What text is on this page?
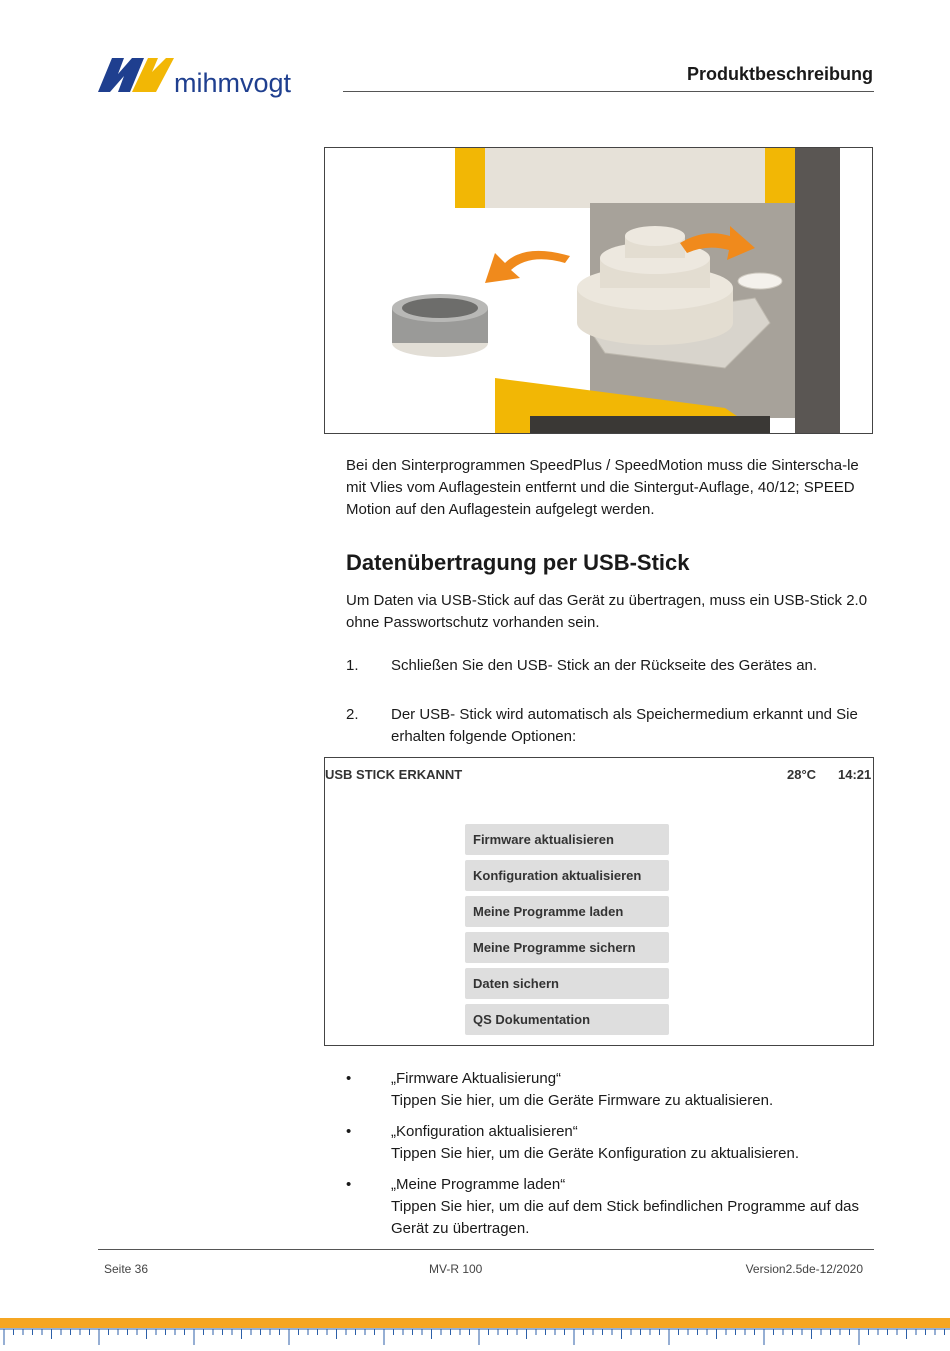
mihmvogt	Produktbeschreibung
Bei den Sinterprogrammen SpeedPlus / SpeedMotion muss die Sinterscha-le mit Vlies vom Auflagestein entfernt und die Sintergut-Auflage, 40/12; SPEED Motion auf den Auflagestein aufgelegt werden.
Datenübertragung per USB-Stick
Um Daten via USB-Stick auf das Gerät zu übertragen, muss ein USB-Stick 2.0 ohne Passwortschutz vorhanden sein.
1. Schließen Sie den USB- Stick an der Rückseite des Gerätes an.
2. Der USB- Stick wird automatisch als Speichermedium erkannt und Sie erhalten folgende Optionen:
USB STICK ERKANNT	28°C 14:21
Firmware aktualisieren
Konfiguration aktualisieren
Meine Programme laden
Meine Programme sichern
Daten sichern
QS Dokumentation
•	„Firmware Aktualisierung“
Tippen Sie hier, um die Geräte Firmware zu aktualisieren.
•	„Konfiguration aktualisieren“
Tippen Sie hier, um die Geräte Konfiguration zu aktualisieren.
•	„Meine Programme laden“
Tippen Sie hier, um die auf dem Stick befindlichen Programme auf das Gerät zu übertragen.
Seite 36	MV-R 100	Version2.5de-12/2020
